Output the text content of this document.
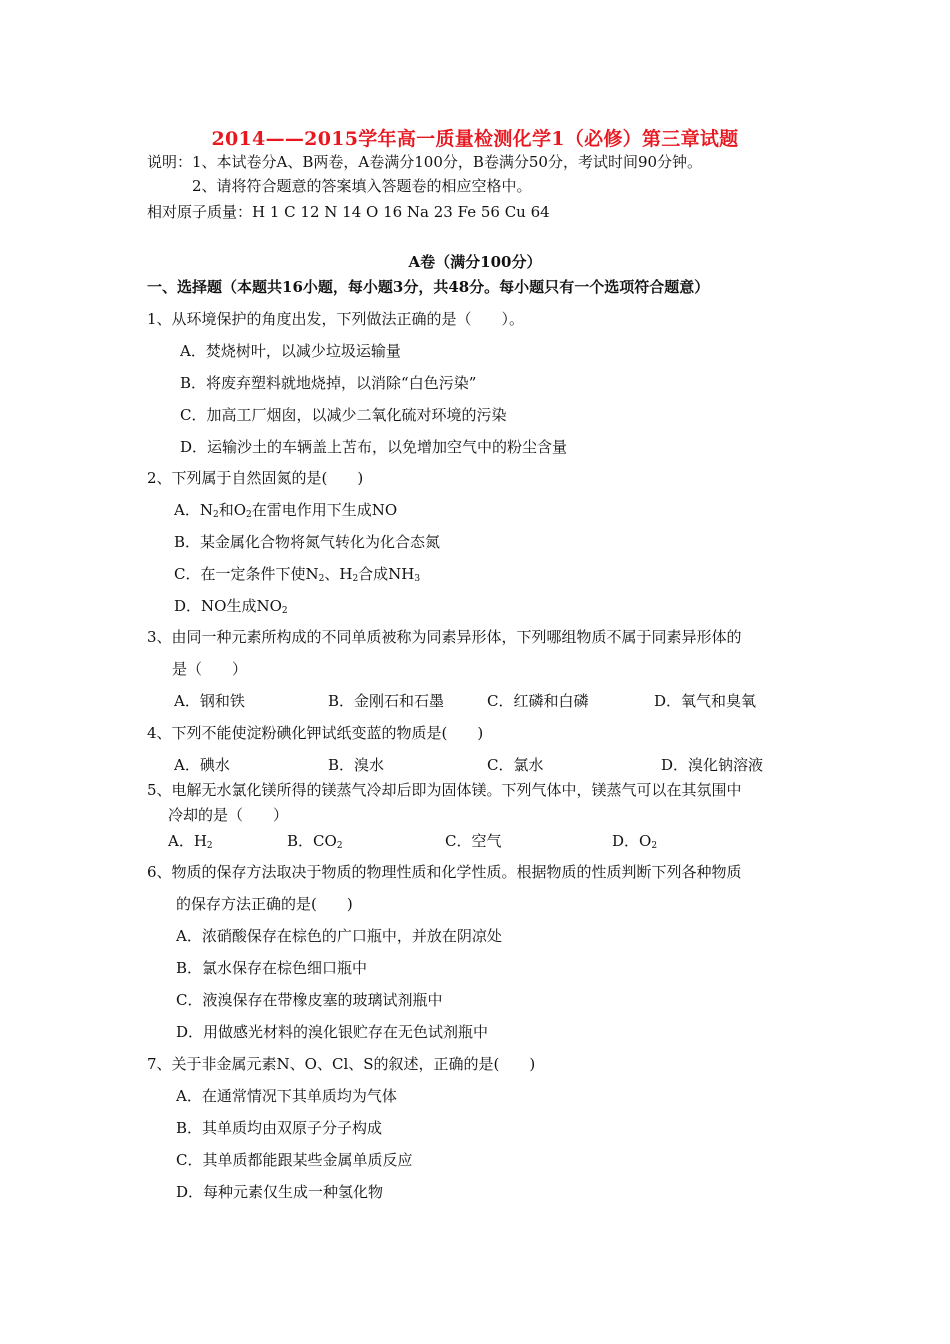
2014——2015学年高一质量检测化学1（必修）第三章试题
说明：1、本试卷分A、B两卷，A卷满分100分，B卷满分50分，考试时间90分钟。
2、请将符合题意的答案填入答题卷的相应空格中。
相对原子质量：H 1 C 12 N 14 O 16 Na 23 Fe 56 Cu 64
A卷（满分100分）
一、选择题（本题共16小题，每小题3分，共48分。每小题只有一个选项符合题意）
1、从环境保护的角度出发，下列做法正确的是（　　）。
A．焚烧树叶，以减少垃圾运输量
B．将废弃塑料就地烧掉，以消除“白色污染”
C．加高工厂烟囱，以减少二氧化硫对环境的污染
D．运输沙土的车辆盖上苫布，以免增加空气中的粉尘含量
2、下列属于自然固氮的是(　　)
A．$N_2$和$O_2$在雷电作用下生成NO
B．某金属化合物将氮气转化为化合态氮
C．在一定条件下使$N_2$、$H_2$合成$NH_3$
D．NO生成$NO_2$
3、由同一种元素所构成的不同单质被称为同素异形体，下列哪组物质不属于同素异形体的
是（　　）
A．钢和铁	B．金刚石和石墨	C．红磷和白磷	D．氧气和臭氧
4、下列不能使淀粉碘化钾试纸变蓝的物质是(　　)
A．碘水	B．溴水	C．氯水	D．溴化钠溶液
5、电解无水氯化镁所得的镁蒸气冷却后即为固体镁。下列气体中，镁蒸气可以在其氛围中
冷却的是（　　）
A．$H_2$	B．$CO_2$	C．空气	D．$O_2$
6、物质的保存方法取决于物质的物理性质和化学性质。根据物质的性质判断下列各种物质
的保存方法正确的是(　　)
A．浓硝酸保存在棕色的广口瓶中，并放在阴凉处
B．氯水保存在棕色细口瓶中
C．液溴保存在带橡皮塞的玻璃试剂瓶中
D．用做感光材料的溴化银贮存在无色试剂瓶中
7、关于非金属元素N、O、Cl、S的叙述，正确的是(　　)
A．在通常情况下其单质均为气体
B．其单质均由双原子分子构成
C．其单质都能跟某些金属单质反应
D．每种元素仅生成一种氢化物
